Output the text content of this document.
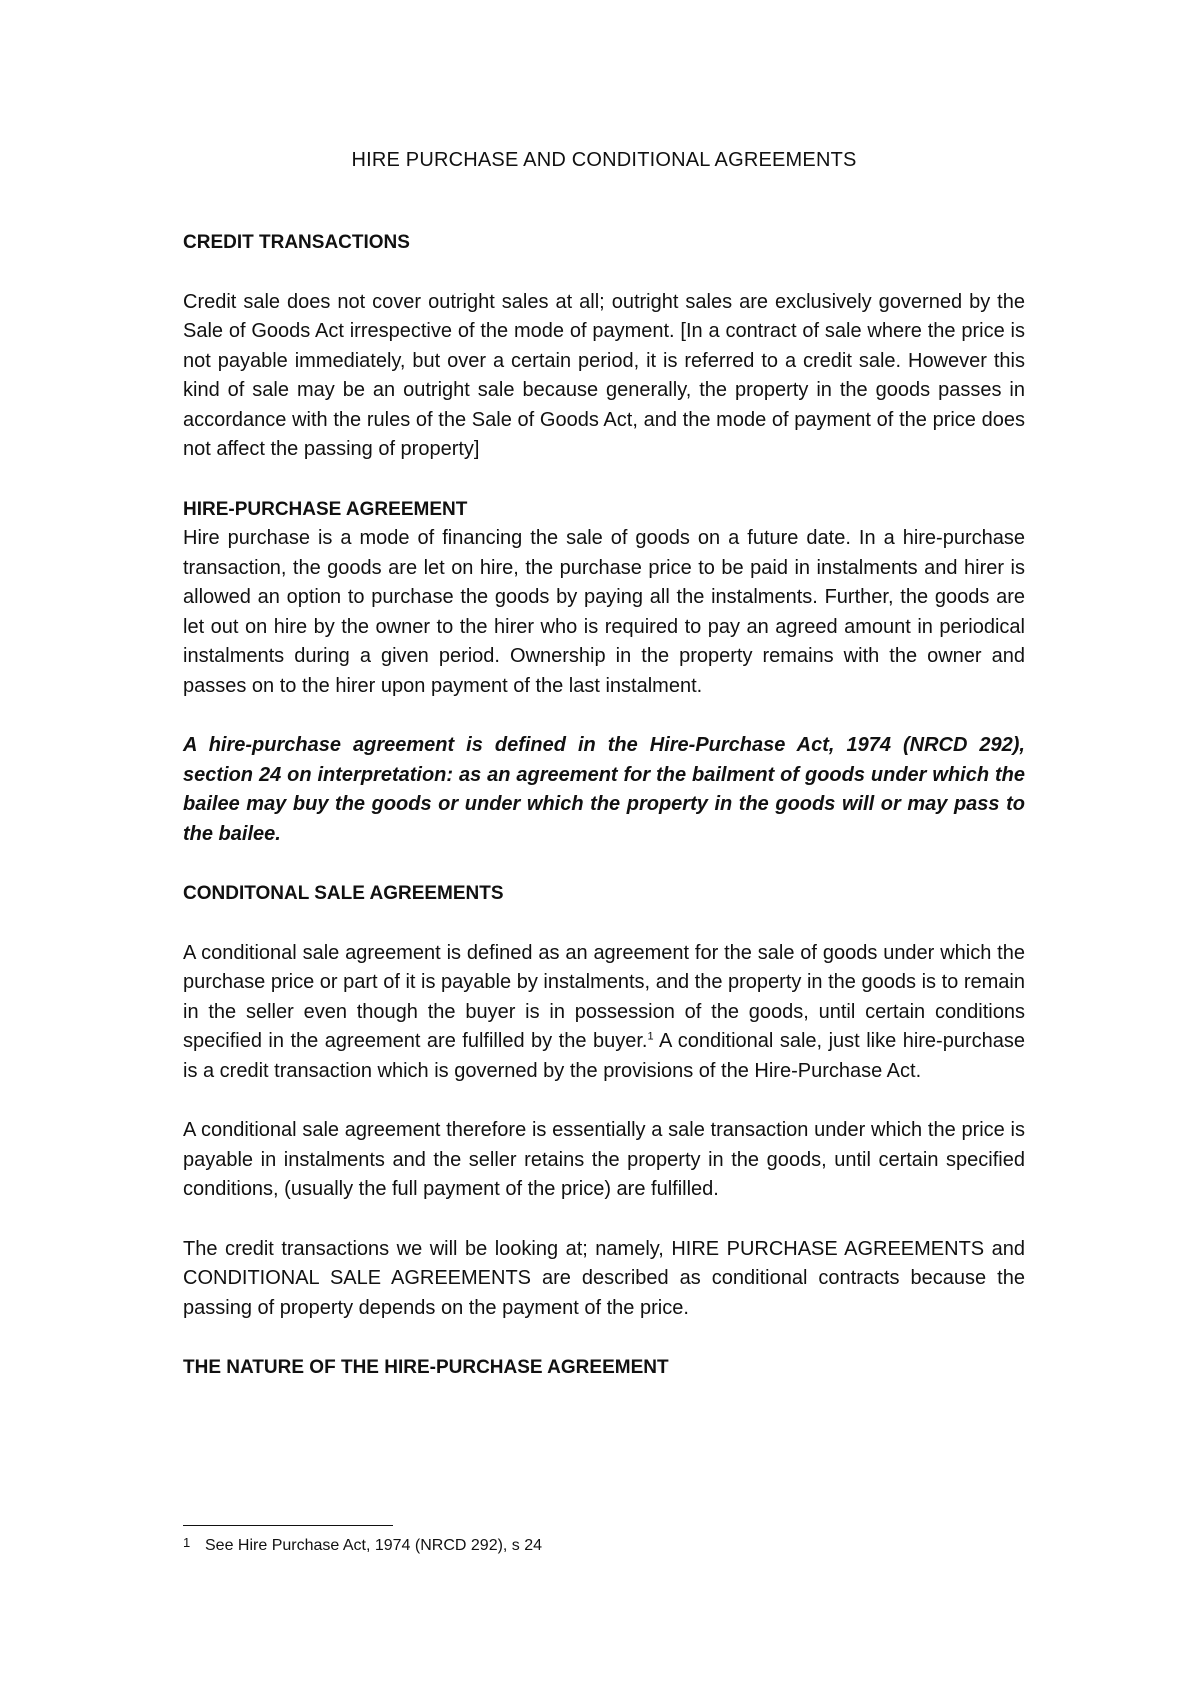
HIRE PURCHASE AND CONDITIONAL AGREEMENTS

CREDIT TRANSACTIONS

Credit sale does not cover outright sales at all; outright sales are exclusively governed by the Sale of Goods Act irrespective of the mode of payment. [In a contract of sale where the price is not payable immediately, but over a certain period, it is referred to a credit sale. However this kind of sale may be an outright sale because generally, the property in the goods passes in accordance with the rules of the Sale of Goods Act, and the mode of payment of the price does not affect the passing of property]

HIRE-PURCHASE AGREEMENT

Hire purchase is a mode of financing the sale of goods on a future date. In a hire-purchase transaction, the goods are let on hire, the purchase price to be paid in instalments and hirer is allowed an option to purchase the goods by paying all the instalments. Further, the goods are let out on hire by the owner to the hirer who is required to pay an agreed amount in periodical instalments during a given period. Ownership in the property remains with the owner and passes on to the hirer upon payment of the last instalment.

A hire-purchase agreement is defined in the Hire-Purchase Act, 1974 (NRCD 292), section 24 on interpretation: as an agreement for the bailment of goods under which the bailee may buy the goods or under which the property in the goods will or may pass to the bailee.

CONDITONAL SALE AGREEMENTS

A conditional sale agreement is defined as an agreement for the sale of goods under which the purchase price or part of it is payable by instalments, and the property in the goods is to remain in the seller even though the buyer is in possession of the goods, until certain conditions specified in the agreement are fulfilled by the buyer.$^1$ A conditional sale, just like hire-purchase is a credit transaction which is governed by the provisions of the Hire-Purchase Act.

A conditional sale agreement therefore is essentially a sale transaction under which the price is payable in instalments and the seller retains the property in the goods, until certain specified conditions, (usually the full payment of the price) are fulfilled.

The credit transactions we will be looking at; namely, HIRE PURCHASE AGREEMENTS and CONDITIONAL SALE AGREEMENTS are described as conditional contracts because the passing of property depends on the payment of the price.

THE NATURE OF THE HIRE-PURCHASE AGREEMENT

1 See Hire Purchase Act, 1974 (NRCD 292), s 24
